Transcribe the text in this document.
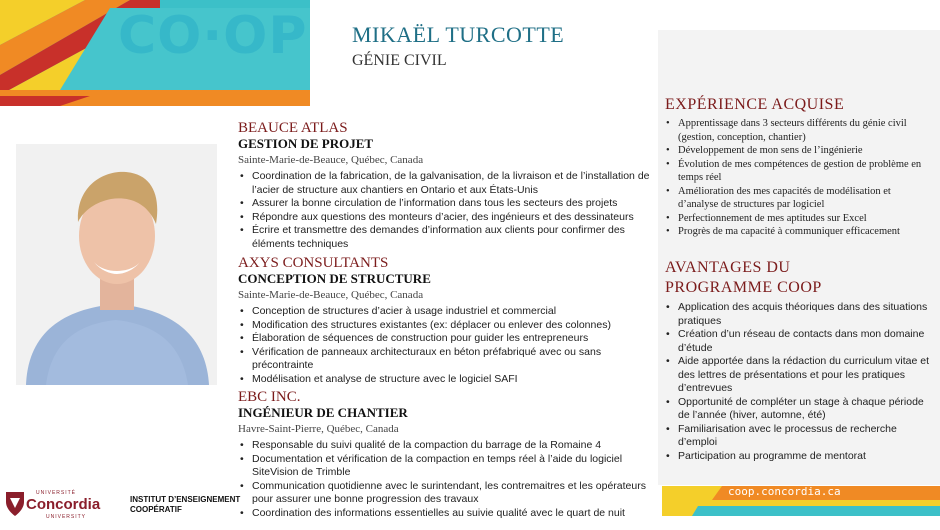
CO·OP MIKAËL TURCOTTE
GÉNIE CIVIL
BEAUCE ATLAS
GESTION DE PROJET
Sainte-Marie-de-Beauce, Québec, Canada
• Coordination de la fabrication, de la galvanisation, de la livraison et de l’installation de l’acier de structure aux chantiers en Ontario et aux États-Unis
• Assurer la bonne circulation de l’information dans tous les secteurs des projets
• Répondre aux questions des monteurs d’acier, des ingénieurs et des dessinateurs
• Écrire et transmettre des demandes d’information aux clients pour confirmer des éléments techniques
AXYS CONSULTANTS
CONCEPTION DE STRUCTURE
Sainte-Marie-de-Beauce, Québec, Canada
• Conception de structures d’acier à usage industriel et commercial
• Modification des structures existantes (ex: déplacer ou enlever des colonnes)
• Élaboration de séquences de construction pour guider les entrepreneurs
• Vérification de panneaux architecturaux en béton préfabriqué avec ou sans précontrainte
• Modélisation et analyse de structure avec le logiciel SAFI
EBC INC.
INGÉNIEUR DE CHANTIER
Havre-Saint-Pierre, Québec, Canada
• Responsable du suivi qualité de la compaction du barrage de la Romaine 4
• Documentation et vérification de la compaction en temps réel à l’aide du logiciel SiteVision de Trimble
• Communication quotidienne avec le surintendant, les contremaitres et les opérateurs pour assurer une bonne progression des travaux
• Coordination des informations essentielles au suivie qualité avec le quart de nuit
EXPÉRIENCE ACQUISE
• Apprentissage dans 3 secteurs différents du génie civil (gestion, conception, chantier)
• Développement de mon sens de l’ingénierie
• Évolution de mes compétences de gestion de problème en temps réel
• Amélioration des mes capacités de modélisation et d’analyse de structures par logiciel
• Perfectionnement de mes aptitudes sur Excel
• Progrès de ma capacité à communiquer efficacement
AVANTAGES DU
PROGRAMME COOP
• Application des acquis théoriques dans des situations pratiques
• Création d’un réseau de contacts dans mon domaine d’étude
• Aide apportée dans la rédaction du curriculum vitae et des lettres de présentations et pour les pratiques d’entrevues
• Opportunité de compléter un stage à chaque période de l’année (hiver, automne, été)
• Familiarisation avec le processus de recherche d’emploi
• Participation au programme de mentorat
coop.concordia.ca
UNIVERSITÉ
Concordia
UNIVERSITY
INSTITUT D’ENSEIGNEMENT
COOPÉRATIF
